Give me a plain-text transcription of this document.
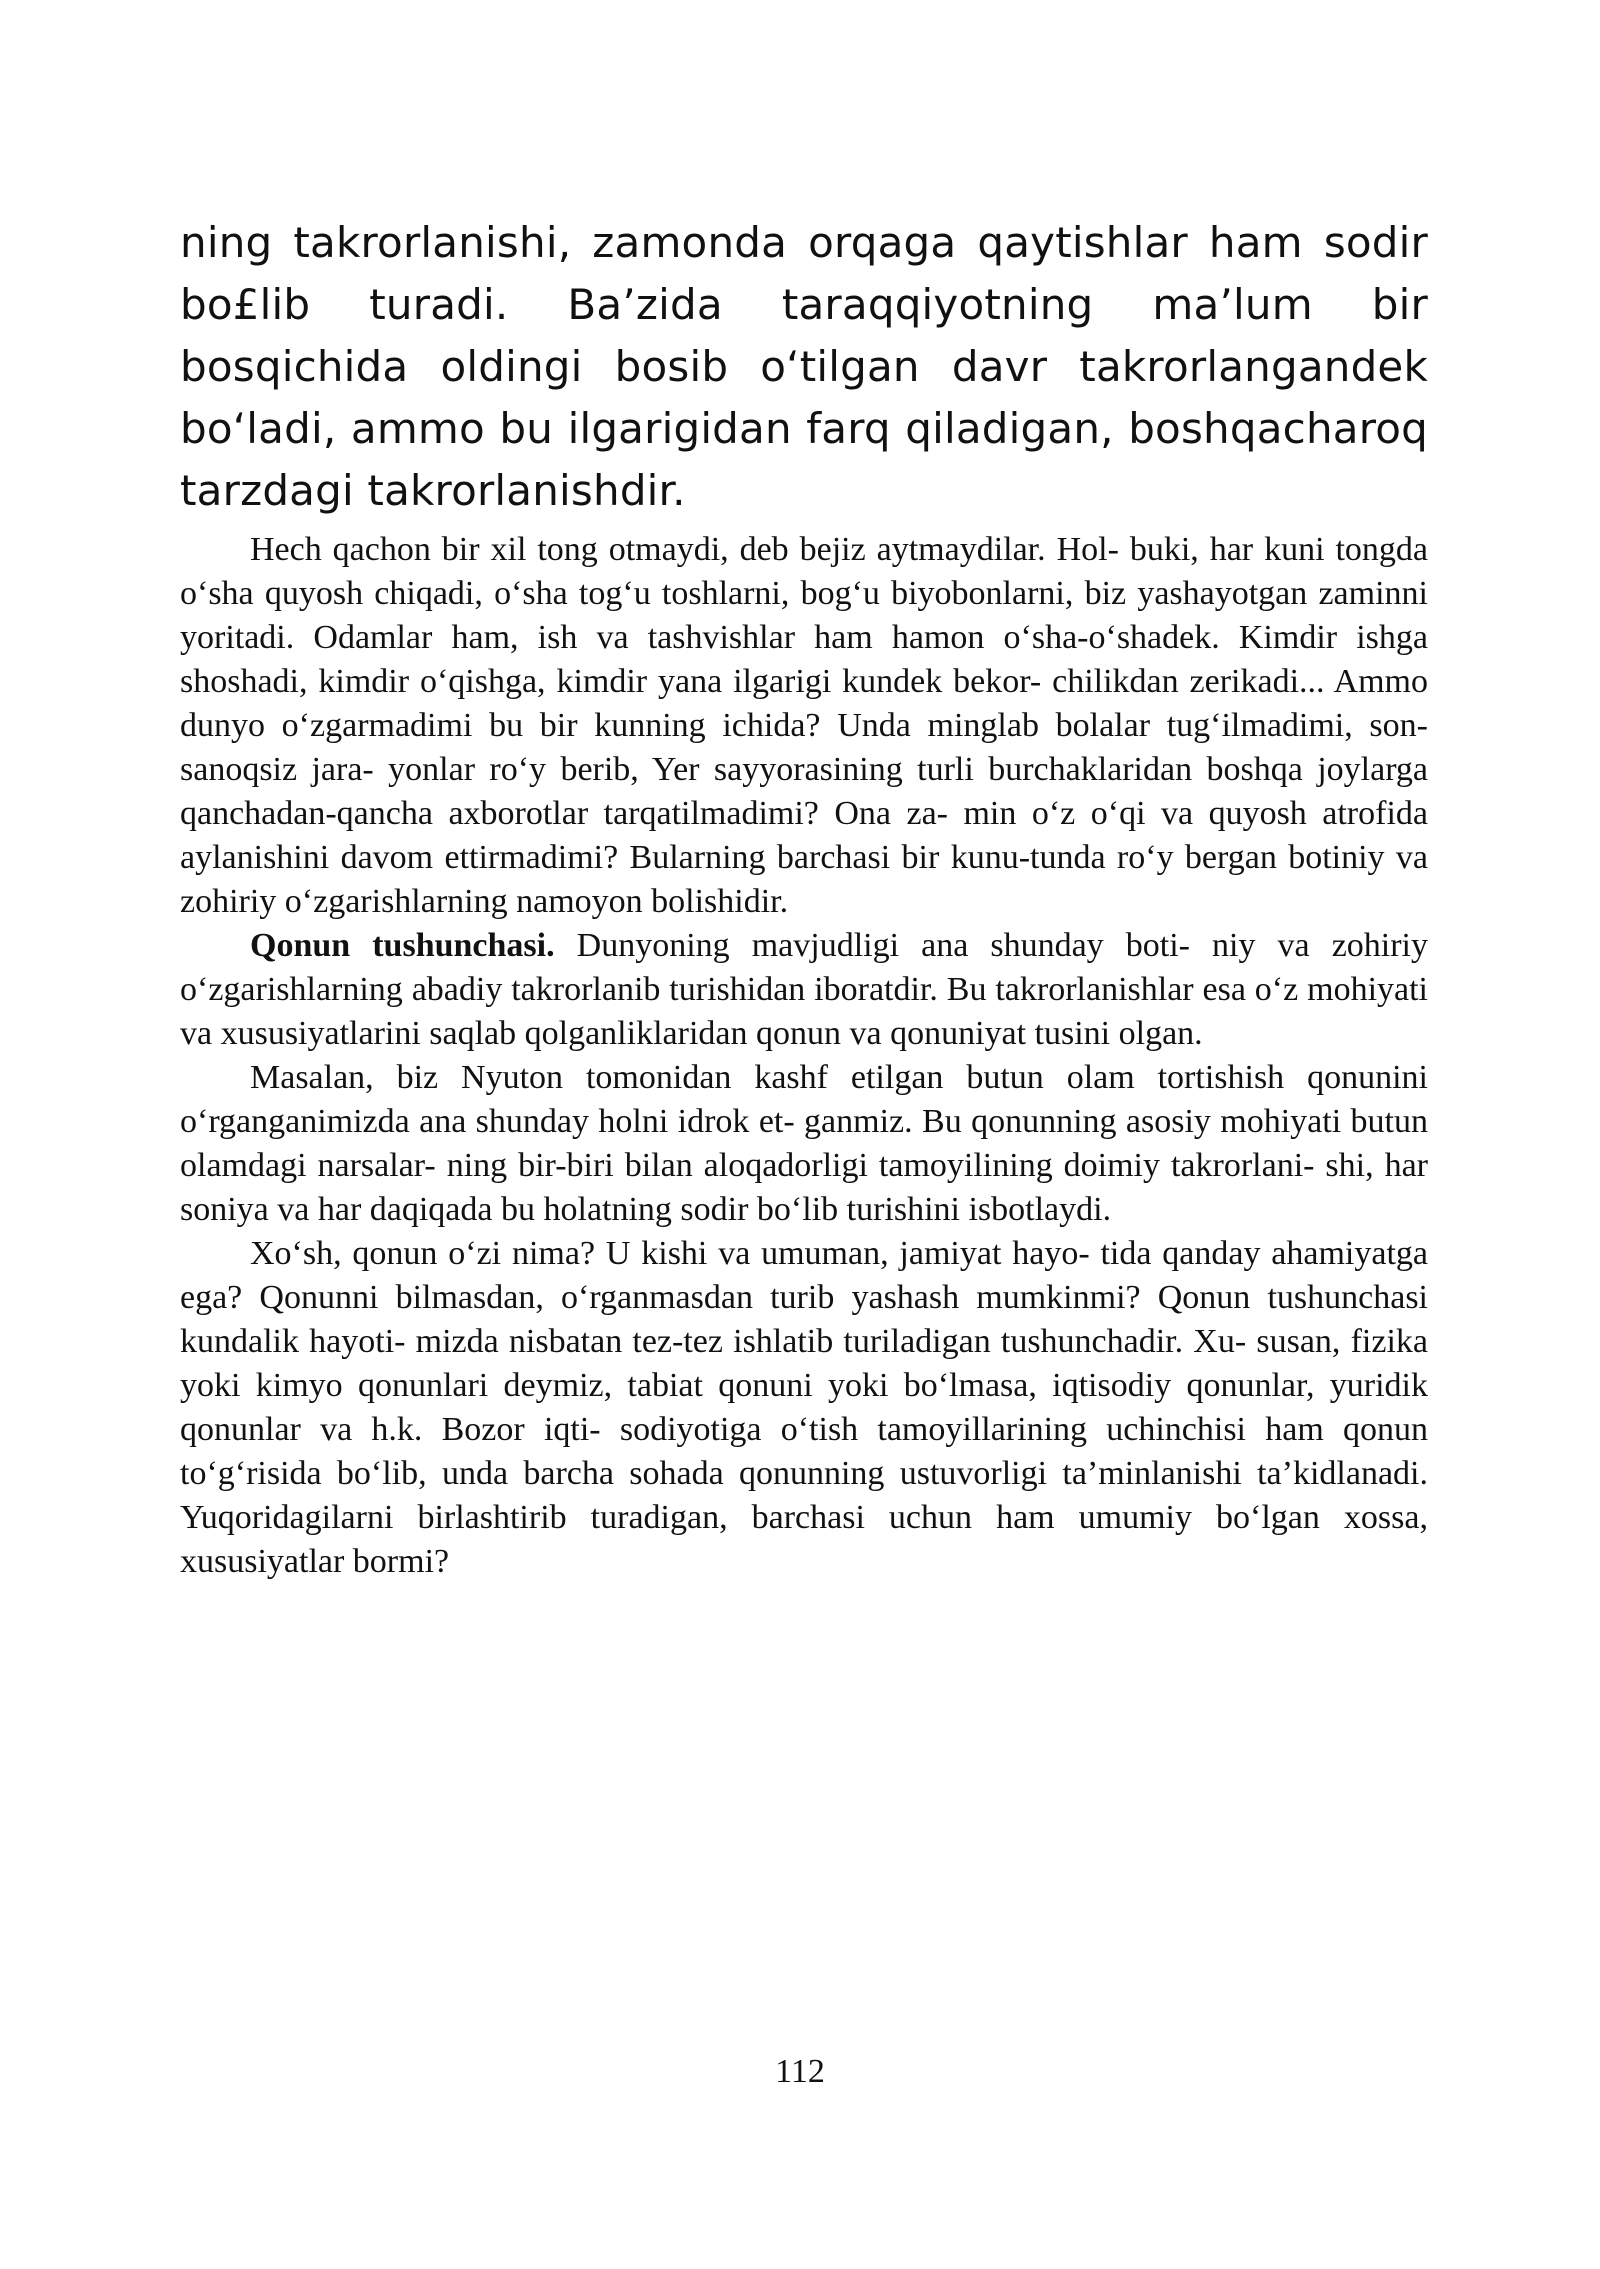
ning takrorlanishi, zamonda orqaga qaytishlar ham sodir bo£lib turadi. Ba’zida taraqqiyotning ma’lum bir bosqichida oldingi bosib o‘tilgan davr takrorlangandek bo‘ladi, ammo bu ilgarigidan farq qiladigan, boshqacharoq tarzdagi takrorlanishdir.

Hech qachon bir xil tong otmaydi, deb bejiz aytmaydilar. Hol- buki, har kuni tongda o‘sha quyosh chiqadi, o‘sha tog‘u toshlarni, bog‘u biyobonlarni, biz yashayotgan zaminni yoritadi. Odamlar ham, ish va tashvishlar ham hamon o‘sha-o‘shadek. Kimdir ishga shoshadi, kimdir o‘qishga, kimdir yana ilgarigi kundek bekor- chilikdan zerikadi... Ammo dunyo o‘zgarmadimi bu bir kunning ichida? Unda minglab bolalar tug‘ilmadimi, son-sanoqsiz jara- yonlar ro‘y berib, Yer sayyorasining turli burchaklaridan boshqa joylarga qanchadan-qancha axborotlar tarqatilmadimi? Ona za- min o‘z o‘qi va quyosh atrofida aylanishini davom ettirmadimi? Bularning barchasi bir kunu-tunda ro‘y bergan botiniy va zohiriy o‘zgarishlarning namoyon bolishidir.

Qonun tushunchasi. Dunyoning mavjudligi ana shunday boti- niy va zohiriy o‘zgarishlarning abadiy takrorlanib turishidan iboratdir. Bu takrorlanishlar esa o‘z mohiyati va xususiyatlarini saqlab qolganliklaridan qonun va qonuniyat tusini olgan.

Masalan, biz Nyuton tomonidan kashf etilgan butun olam tortishish qonunini o‘rganganimizda ana shunday holni idrok et- ganmiz. Bu qonunning asosiy mohiyati butun olamdagi narsalar- ning bir-biri bilan aloqadorligi tamoyilining doimiy takrorlani- shi, har soniya va har daqiqada bu holatning sodir bo‘lib turishini isbotlaydi.

Xo‘sh, qonun o‘zi nima? U kishi va umuman, jamiyat hayo- tida qanday ahamiyatga ega? Qonunni bilmasdan, o‘rganmasdan turib yashash mumkinmi? Qonun tushunchasi kundalik hayoti- mizda nisbatan tez-tez ishlatib turiladigan tushunchadir. Xu- susan, fizika yoki kimyo qonunlari deymiz, tabiat qonuni yoki bo‘lmasa, iqtisodiy qonunlar, yuridik qonunlar va h.k. Bozor iqti- sodiyotiga o‘tish tamoyillarining uchinchisi ham qonun to‘g‘risida bo‘lib, unda barcha sohada qonunning ustuvorligi ta’minlanishi ta’kidlanadi. Yuqoridagilarni birlashtirib turadigan, barchasi uchun ham umumiy bo‘lgan xossa, xususiyatlar bormi?

112
